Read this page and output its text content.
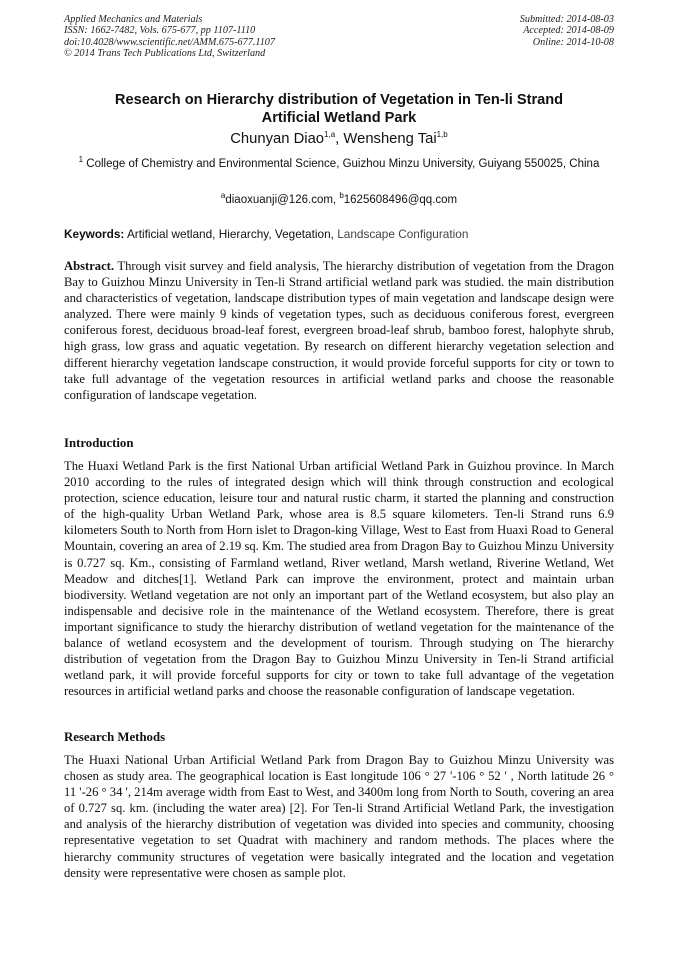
Applied Mechanics and Materials
ISSN: 1662-7482, Vols. 675-677, pp 1107-1110
doi:10.4028/www.scientific.net/AMM.675-677.1107
© 2014 Trans Tech Publications Ltd, Switzerland
Submitted: 2014-08-03
Accepted: 2014-08-09
Online: 2014-10-08
Research on Hierarchy distribution of Vegetation in Ten-li Strand
Artificial Wetland Park
Chunyan Diao$^{1,a}$, Wensheng Tai$^{1,b}$
$^1$ College of Chemistry and Environmental Science, Guizhou Minzu University, Guiyang 550025, China
$^a$diaoxuanji@126.com, $^b$1625608496@qq.com
Keywords: Artificial wetland, Hierarchy, Vegetation, Landscape Configuration
Abstract. Through visit survey and field analysis, The hierarchy distribution of vegetation from the Dragon Bay to Guizhou Minzu University in Ten-li Strand artificial wetland park was studied. the main distribution and characteristics of vegetation, landscape distribution types of main vegetation and landscape design were analyzed. There were mainly 9 kinds of vegetation types, such as deciduous coniferous forest, evergreen coniferous forest, deciduous broad-leaf forest, evergreen broad-leaf shrub, bamboo forest, halophyte shrub, high grass, low grass and aquatic vegetation. By research on different hierarchy vegetation selection and different hierarchy vegetation landscape construction, it would provide forceful supports for city or town to take full advantage of the vegetation resources in artificial wetland parks and choose the reasonable configuration of landscape vegetation.
Introduction
The Huaxi Wetland Park is the first National Urban artificial Wetland Park in Guizhou province. In March 2010 according to the rules of integrated design which will think through construction and ecological protection, science education, leisure tour and natural rustic charm, it started the planning and construction of the high-quality Urban Wetland Park, whose area is 8.5 square kilometers. Ten-li Strand runs 6.9 kilometers South to North from Horn islet to Dragon-king Village, West to East from Huaxi Road to General Mountain, covering an area of 2.19 sq. Km. The studied area from Dragon Bay to Guizhou Minzu University is 0.727 sq. Km., consisting of Farmland wetland, River wetland, Marsh wetland, Riverine Wetland, Wet Meadow and ditches[1]. Wetland Park can improve the environment, protect and maintain urban biodiversity. Wetland vegetation are not only an important part of the Wetland ecosystem, but also play an indispensable and decisive role in the maintenance of the Wetland ecosystem. Therefore, there is great important significance to study the hierarchy distribution of wetland vegetation for the maintenance of the balance of wetland ecosystem and the development of tourism. Through studying on The hierarchy distribution of vegetation from the Dragon Bay to Guizhou Minzu University in Ten-li Strand artificial wetland park, it will provide forceful supports for city or town to take full advantage of the vegetation resources in artificial wetland parks and choose the reasonable configuration of landscape vegetation.
Research Methods
The Huaxi National Urban Artificial Wetland Park from Dragon Bay to Guizhou Minzu University was chosen as study area. The geographical location is East longitude 106 ° 27 '-106 ° 52 ' , North latitude 26 ° 11 '-26 ° 34 ', 214m average width from East to West, and 3400m long from North to South, covering an area of 0.727 sq. km. (including the water area) [2]. For Ten-li Strand Artificial Wetland Park, the investigation and analysis of the hierarchy distribution of vegetation was divided into species and community, choosing representative vegetation to set Quadrat with machinery and random methods. The places where the hierarchy community structures of vegetation were basically integrated and the location and vegetation density were representative were chosen as sample plot.
